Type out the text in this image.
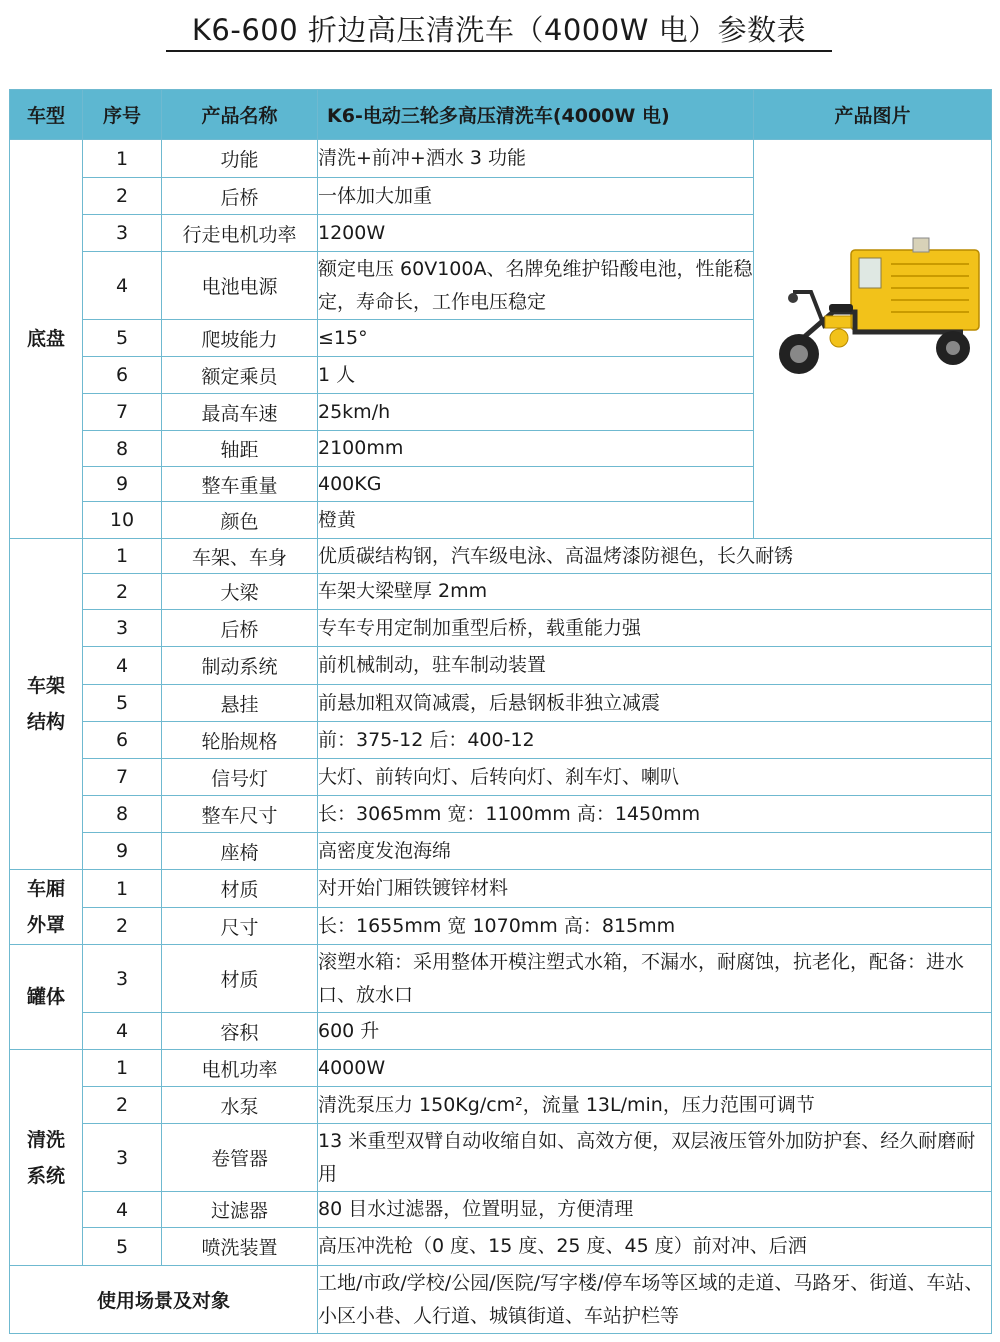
K6-600 折边高压清洗车（4000W 电）参数表
车型	序号	产品名称	K6-电动三轮多高压清洗车(4000W 电)	产品图片
底盘	1	功能	清洗+前冲+洒水 3 功能	

	2	后桥	一体加大加重	
	3	行走电机功率	1200W	
	4	电池电源	额定电压 60V100A、名牌免维护铅酸电池，性能稳定，寿命长，工作电压稳定	
	5	爬坡能力	≤15°	
	6	额定乘员	1 人	
	7	最高车速	25km/h	
	8	轴距	2100mm	
	9	整车重量	400KG	
	10	颜色	橙黄	
车架结构	1	车架、车身	优质碳结构钢，汽车级电泳、高温烤漆防褪色，长久耐锈	
	2	大梁	车架大梁壁厚 2mm	
	3	后桥	专车专用定制加重型后桥，载重能力强	
	4	制动系统	前机械制动，驻车制动装置	
	5	悬挂	前悬加粗双筒减震，后悬钢板非独立减震	
	6	轮胎规格	前：375-12 后：400-12	
	7	信号灯	大灯、前转向灯、后转向灯、刹车灯、喇叭	
	8	整车尺寸	长：3065mm 宽：1100mm 高：1450mm	
	9	座椅	高密度发泡海绵	
车厢外罩	1	材质	对开始门厢铁镀锌材料	
	2	尺寸	长：1655mm 宽 1070mm 高：815mm	
罐体	3	材质	滚塑水箱：采用整体开模注塑式水箱，不漏水，耐腐蚀，抗老化，配备：进水口、放水口	
	4	容积	600 升	
清洗系统	1	电机功率	4000W	
	2	水泵	清洗泵压力 150Kg/cm²，流量 13L/min，压力范围可调节	
	3	卷管器	13 米重型双臂自动收缩自如、高效方便，双层液压管外加防护套、经久耐磨耐用	
	4	过滤器	80 目水过滤器，位置明显，方便清理	
	5	喷洗装置	高压冲洗枪（0 度、15 度、25 度、45 度）前对冲、后洒	
使用场景及对象			工地/市政/学校/公园/医院/写字楼/停车场等区域的走道、马路牙、街道、车站、小区小巷、人行道、城镇街道、车站护栏等	
